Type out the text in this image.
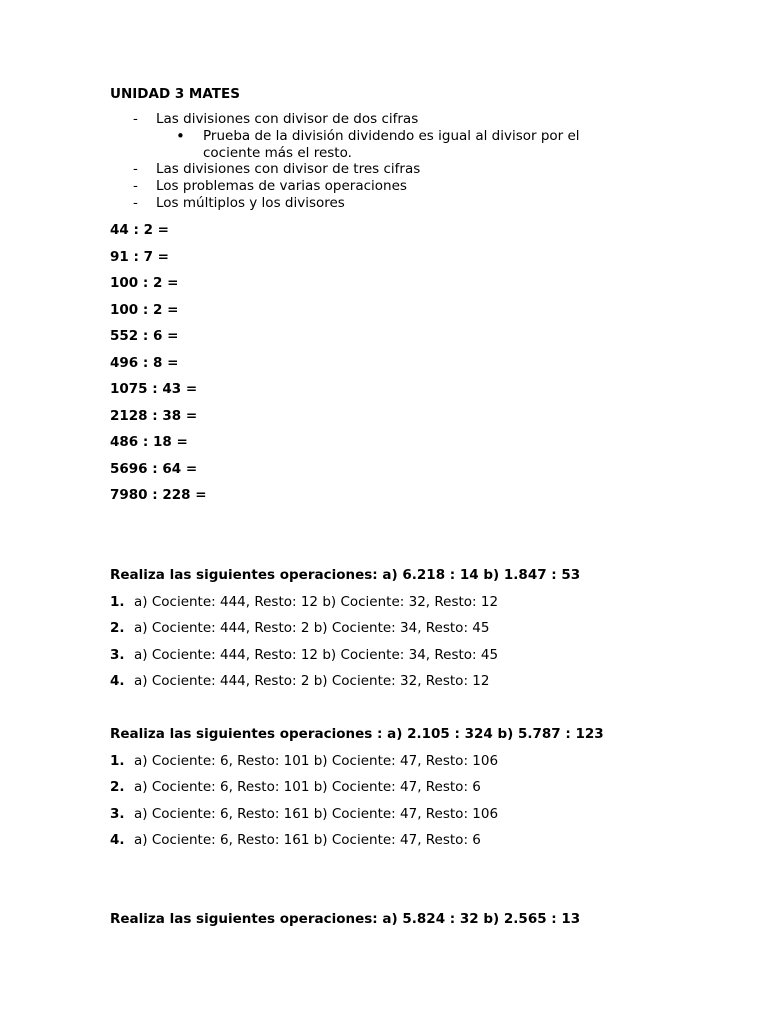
UNIDAD 3 MATES
- Las divisiones con divisor de dos cifras
• Prueba de la división dividendo es igual al divisor por el cociente más el resto.
- Las divisiones con divisor de tres cifras
- Los problemas de varias operaciones
- Los múltiplos y los divisores
44 : 2 =
91 : 7 =
100 : 2 =
100 : 2 =
552 : 6 =
496 : 8 =
1075 : 43 =
2128 : 38 =
486 : 18 =
5696 : 64 =
7980 : 228 =
Realiza las siguientes operaciones: a) 6.218 : 14 b) 1.847 : 53
1. a) Cociente: 444, Resto: 12 b) Cociente: 32, Resto: 12
2. a) Cociente: 444, Resto: 2 b) Cociente: 34, Resto: 45
3. a) Cociente: 444, Resto: 12 b) Cociente: 34, Resto: 45
4. a) Cociente: 444, Resto: 2 b) Cociente: 32, Resto: 12
Realiza las siguientes operaciones : a) 2.105 : 324 b) 5.787 : 123
1. a) Cociente: 6, Resto: 101 b) Cociente: 47, Resto: 106
2. a) Cociente: 6, Resto: 101 b) Cociente: 47, Resto: 6
3. a) Cociente: 6, Resto: 161 b) Cociente: 47, Resto: 106
4. a) Cociente: 6, Resto: 161 b) Cociente: 47, Resto: 6
Realiza las siguientes operaciones: a) 5.824 : 32 b) 2.565 : 13
